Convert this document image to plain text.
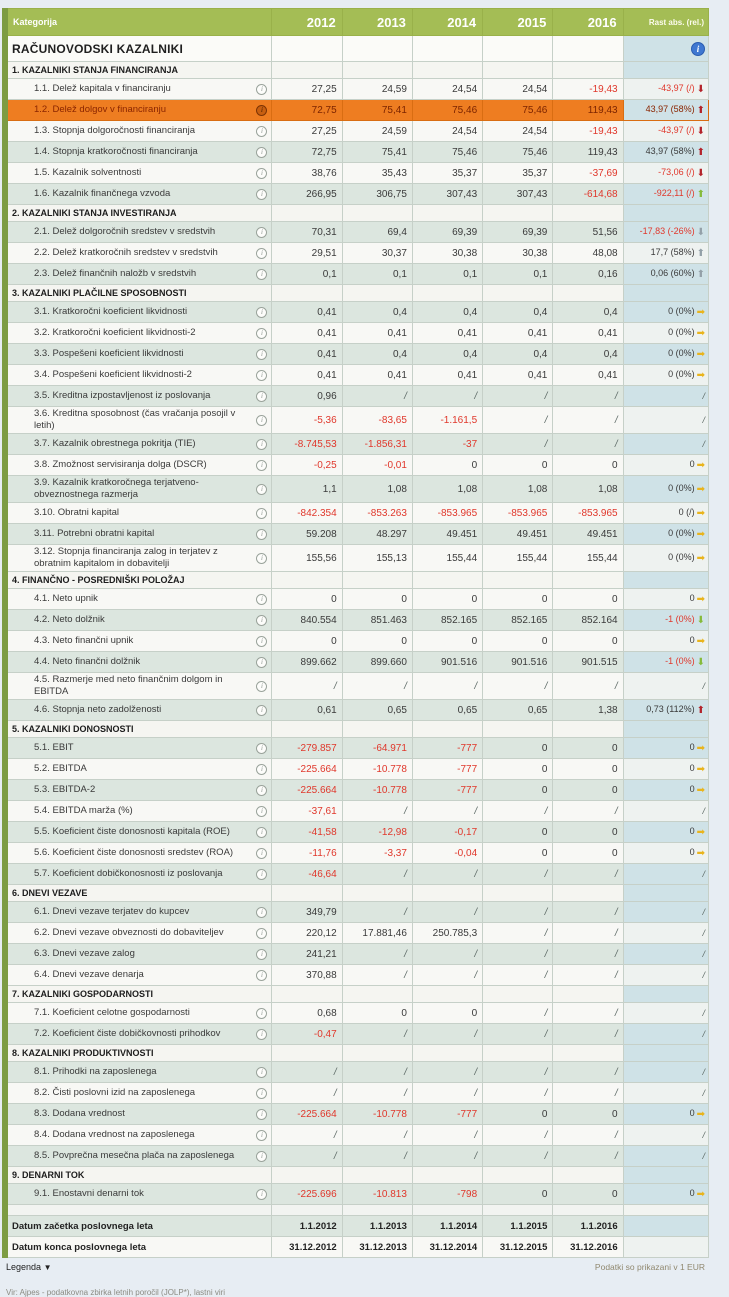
Kategorija	2012	2013	2014	2015	2016	Rast abs. (rel.)
RAČUNOVODSKI KAZALNIKI						i
1. KAZALNIKI STANJA FINANCIRANJA						
1.1. Delež kapitala v financiranju i	27,25	24,59	24,54	24,54	-19,43	-43,97 (/) ⬇
1.2. Delež dolgov v financiranju i	72,75	75,41	75,46	75,46	119,43	43,97 (58%) ⬆
1.3. Stopnja dolgoročnosti financiranja i	27,25	24,59	24,54	24,54	-19,43	-43,97 (/) ⬇
1.4. Stopnja kratkoročnosti financiranja i	72,75	75,41	75,46	75,46	119,43	43,97 (58%) ⬆
1.5. Kazalnik solventnosti i	38,76	35,43	35,37	35,37	-37,69	-73,06 (/) ⬇
1.6. Kazalnik finančnega vzvoda i	266,95	306,75	307,43	307,43	-614,68	-922,11 (/) ⬆
2. KAZALNIKI STANJA INVESTIRANJA						
2.1. Delež dolgoročnih sredstev v sredstvih i	70,31	69,4	69,39	69,39	51,56	-17,83 (-26%) ⬇
2.2. Delež kratkoročnih sredstev v sredstvih i	29,51	30,37	30,38	30,38	48,08	17,7 (58%) ⬆
2.3. Delež finančnih naložb v sredstvih i	0,1	0,1	0,1	0,1	0,16	0,06 (60%) ⬆
3. KAZALNIKI PLAČILNE SPOSOBNOSTI						
3.1. Kratkoročni koeficient likvidnosti i	0,41	0,4	0,4	0,4	0,4	0 (0%) ➡
3.2. Kratkoročni koeficient likvidnosti-2 i	0,41	0,41	0,41	0,41	0,41	0 (0%) ➡
3.3. Pospešeni koeficient likvidnosti i	0,41	0,4	0,4	0,4	0,4	0 (0%) ➡
3.4. Pospešeni koeficient likvidnosti-2 i	0,41	0,41	0,41	0,41	0,41	0 (0%) ➡
3.5. Kreditna izpostavljenost iz poslovanja i	0,96	/	/	/	/	/
3.6. Kreditna sposobnost (čas vračanja posojil v letih) i	-5,36	-83,65	-1.161,5	/	/	/
3.7. Kazalnik obrestnega pokritja (TIE) i	-8.745,53	-1.856,31	-37	/	/	/
3.8. Zmožnost servisiranja dolga (DSCR) i	-0,25	-0,01	0	0	0	0 ➡
3.9. Kazalnik kratkoročnega terjatveno-obveznostnega razmerja i	1,1	1,08	1,08	1,08	1,08	0 (0%) ➡
3.10. Obratni kapital i	-842.354	-853.263	-853.965	-853.965	-853.965	0 (/) ➡
3.11. Potrebni obratni kapital i	59.208	48.297	49.451	49.451	49.451	0 (0%) ➡
3.12. Stopnja financiranja zalog in terjatev z obratnim kapitalom in dobavitelji i	155,56	155,13	155,44	155,44	155,44	0 (0%) ➡
4. FINANČNO - POSREDNIŠKI POLOŽAJ						
4.1. Neto upnik i	0	0	0	0	0	0 ➡
4.2. Neto dolžnik i	840.554	851.463	852.165	852.165	852.164	-1 (0%) ⬇
4.3. Neto finančni upnik i	0	0	0	0	0	0 ➡
4.4. Neto finančni dolžnik i	899.662	899.660	901.516	901.516	901.515	-1 (0%) ⬇
4.5. Razmerje med neto finančnim dolgom in EBITDA i	/	/	/	/	/	/
4.6. Stopnja neto zadolženosti i	0,61	0,65	0,65	0,65	1,38	0,73 (112%) ⬆
5. KAZALNIKI DONOSNOSTI						
5.1. EBIT i	-279.857	-64.971	-777	0	0	0 ➡
5.2. EBITDA i	-225.664	-10.778	-777	0	0	0 ➡
5.3. EBITDA-2 i	-225.664	-10.778	-777	0	0	0 ➡
5.4. EBITDA marža (%) i	-37,61	/	/	/	/	/
5.5. Koeficient čiste donosnosti kapitala (ROE) i	-41,58	-12,98	-0,17	0	0	0 ➡
5.6. Koeficient čiste donosnosti sredstev (ROA) i	-11,76	-3,37	-0,04	0	0	0 ➡
5.7. Koeficient dobičkonosnosti iz poslovanja i	-46,64	/	/	/	/	/
6. DNEVI VEZAVE						
6.1. Dnevi vezave terjatev do kupcev i	349,79	/	/	/	/	/
6.2. Dnevi vezave obveznosti do dobaviteljev i	220,12	17.881,46	250.785,3	/	/	/
6.3. Dnevi vezave zalog i	241,21	/	/	/	/	/
6.4. Dnevi vezave denarja i	370,88	/	/	/	/	/
7. KAZALNIKI GOSPODARNOSTI						
7.1. Koeficient celotne gospodarnosti i	0,68	0	0	/	/	/
7.2. Koeficient čiste dobičkovnosti prihodkov i	-0,47	/	/	/	/	/
8. KAZALNIKI PRODUKTIVNOSTI						
8.1. Prihodki na zaposlenega i	/	/	/	/	/	/
8.2. Čisti poslovni izid na zaposlenega i	/	/	/	/	/	/
8.3. Dodana vrednost i	-225.664	-10.778	-777	0	0	0 ➡
8.4. Dodana vrednost na zaposlenega i	/	/	/	/	/	/
8.5. Povprečna mesečna plača na zaposlenega i	/	/	/	/	/	/
9. DENARNI TOK						
9.1. Enostavni denarni tok i	-225.696	-10.813	-798	0	0	0 ➡

Datum začetka poslovnega leta	1.1.2012	1.1.2013	1.1.2014	1.1.2015	1.1.2016	
Datum konca poslovnega leta	31.12.2012	31.12.2013	31.12.2014	31.12.2015	31.12.2016	
Legenda ▼	Podatki so prikazani v 1 EUR
Vir: Ajpes - podatkovna zbirka letnih poročil (JOLP*), lastni viri
